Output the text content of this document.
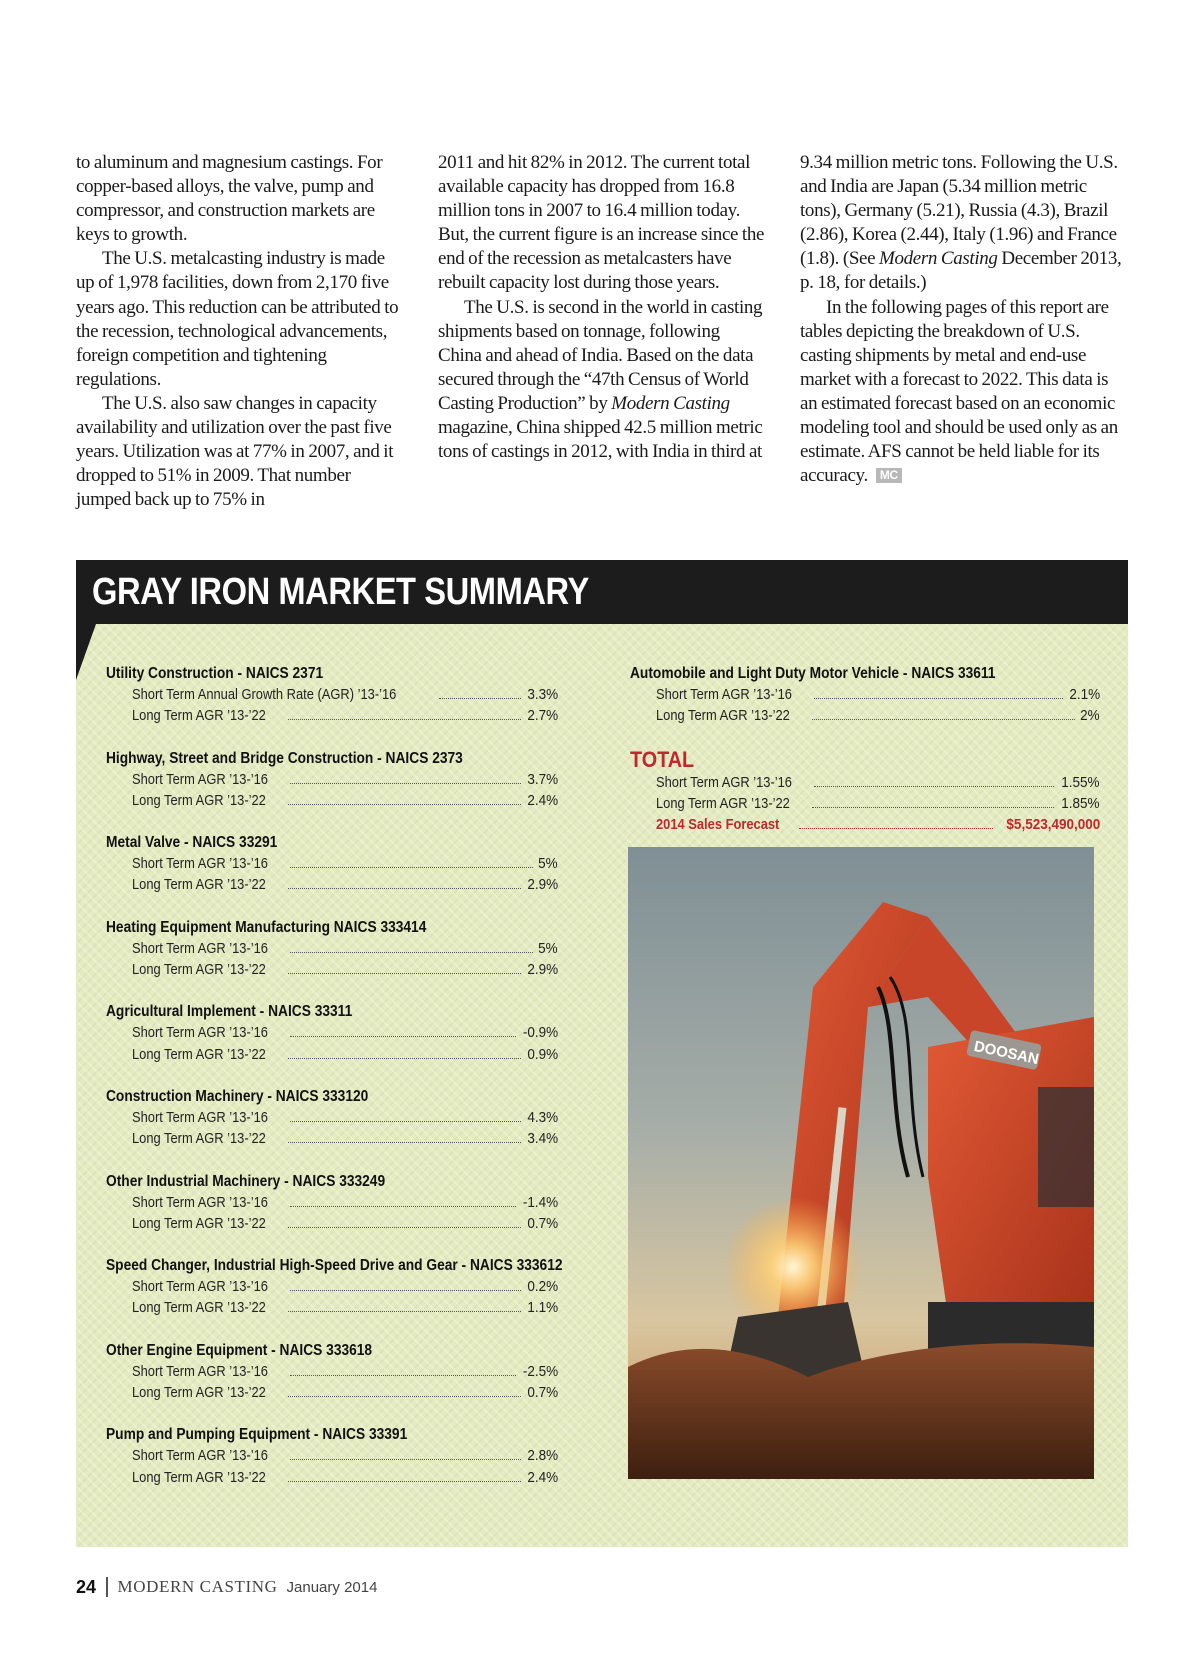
to aluminum and magnesium castings. For copper-based alloys, the valve, pump and compressor, and construction markets are keys to growth.

The U.S. metalcasting industry is made up of 1,978 facilities, down from 2,170 five years ago. This reduction can be attributed to the recession, technological advancements, foreign competition and tightening regulations.

The U.S. also saw changes in capacity availability and utilization over the past five years. Utilization was at 77% in 2007, and it dropped to 51% in 2009. That number jumped back up to 75% in

2011 and hit 82% in 2012. The current total available capacity has dropped from 16.8 million tons in 2007 to 16.4 million today. But, the current figure is an increase since the end of the recession as metalcasters have rebuilt capacity lost during those years.

The U.S. is second in the world in casting shipments based on tonnage, following China and ahead of India. Based on the data secured through the “47th Census of World Casting Production” by Modern Casting magazine, China shipped 42.5 million metric tons of castings in 2012, with India in third at

9.34 million metric tons. Following the U.S. and India are Japan (5.34 million metric tons), Germany (5.21), Russia (4.3), Brazil (2.86), Korea (2.44), Italy (1.96) and France (1.8). (See Modern Casting December 2013, p. 18, for details.)

In the following pages of this report are tables depicting the breakdown of U.S. casting shipments by metal and end-use market with a forecast to 2022. This data is an estimated forecast based on an economic modeling tool and should be used only as an estimate. AFS cannot be held liable for its accuracy. MC

GRAY IRON MARKET SUMMARY
Utility Construction - NAICS 2371
Short Term Annual Growth Rate (AGR) ’13-’16	3.3%
Long Term AGR ’13-’22	2.7%
Highway, Street and Bridge Construction - NAICS 2373
Short Term AGR ’13-’16	3.7%
Long Term AGR ’13-’22	2.4%
Metal Valve - NAICS 33291
Short Term AGR ’13-’16	5%
Long Term AGR ’13-’22	2.9%
Heating Equipment Manufacturing NAICS 333414
Short Term AGR ’13-’16	5%
Long Term AGR ’13-’22	2.9%
Agricultural Implement - NAICS 33311
Short Term AGR ’13-’16	-0.9%
Long Term AGR ’13-’22	0.9%
Construction Machinery - NAICS 333120
Short Term AGR ’13-’16	4.3%
Long Term AGR ’13-’22	3.4%
Other Industrial Machinery - NAICS 333249
Short Term AGR ’13-’16	-1.4%
Long Term AGR ’13-’22	0.7%
Speed Changer, Industrial High-Speed Drive and Gear - NAICS 333612
Short Term AGR ’13-’16	0.2%
Long Term AGR ’13-’22	1.1%
Other Engine Equipment - NAICS 333618
Short Term AGR ’13-’16	-2.5%
Long Term AGR ’13-’22	0.7%
Pump and Pumping Equipment - NAICS 33391
Short Term AGR ’13-’16	2.8%
Long Term AGR ’13-’22	2.4%
Automobile and Light Duty Motor Vehicle - NAICS 33611
Short Term AGR ’13-’16	2.1%
Long Term AGR ’13-’22	2%
TOTAL
Short Term AGR ’13-’16	1.55%
Long Term AGR ’13-’22	1.85%
2014 Sales Forecast	$5,523,490,000
DOOSAN
24 MODERN CASTING January 2014
